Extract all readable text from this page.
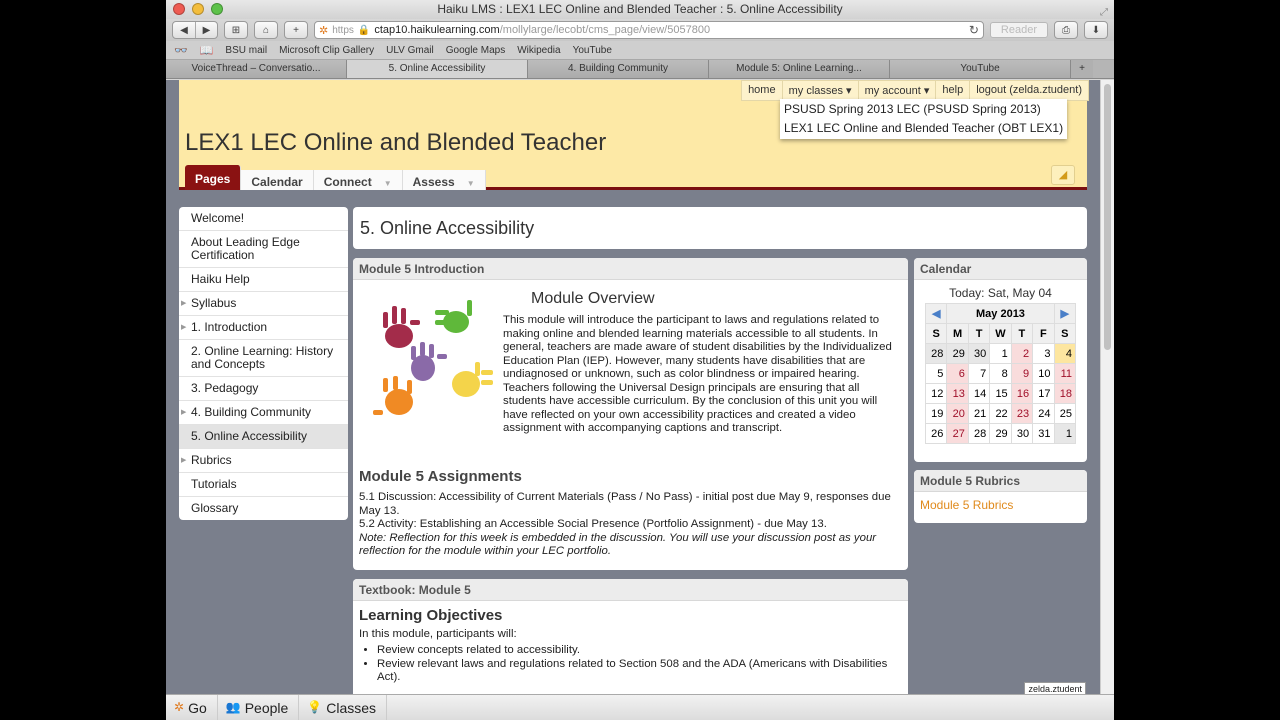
Haiku LMS : LEX1 LEC Online and Blended Teacher : 5. Online Accessibility	⤢
◀	▶	⊞	⌂	+	✲ https 🔒 ctap10.haikulearning.com /mollylarge/lecobt/cms_page/view/5057800	↻	Reader	⎙	⬇
👓 📖 BSU mail Microsoft Clip Gallery ULV Gmail Google Maps Wikipedia YouTube
VoiceThread – Conversatio...	5. Online Accessibility	4. Building Community	Module 5: Online Learning...	YouTube	+
home	my classes ▾	my account ▾	help	logout (zelda.ztudent)
LEX1 LEC Online and Blended Teacher
Pages	Calendar	Connect ▼	Assess ▼
◢
PSUSD Spring 2013 LEC (PSUSD Spring 2013)
LEX1 LEC Online and Blended Teacher (OBT LEX1)
Welcome!
About Leading Edge Certification
Haiku Help
▶ Syllabus
▶ 1. Introduction
2. Online Learning: History and Concepts
3. Pedagogy
▶ 4. Building Community
5. Online Accessibility
▶ Rubrics
Tutorials
Glossary
5. Online Accessibility
Module 5 Introduction
Module Overview
This module will introduce the participant to laws and regulations related to making online and blended learning materials accessible to all students. In general, teachers are made aware of student disabilities by the Individualized Education Plan (IEP). However, many students have disabilities that are undiagnosed or unknown, such as color blindness or impaired hearing. Teachers following the Universal Design principals are ensuring that all students have accessible curriculum. By the conclusion of this unit you will have reflected on your own accessibility practices and created a video assignment with accompanying captions and transcript.
Module 5 Assignments
5.1 Discussion: Accessibility of Current Materials (Pass / No Pass) - initial post due May 9, responses due May 13.
5.2 Activity: Establishing an Accessible Social Presence (Portfolio Assignment) - due May 13.
Note: Reflection for this week is embedded in the discussion. You will use your discussion post as your reflection for the module within your LEC portfolio.
Textbook: Module 5
Learning Objectives
In this module, participants will:
• Review concepts related to accessibility.
• Review relevant laws and regulations related to Section 508 and the ADA (Americans with Disabilities Act).
Calendar
Today: Sat, May 04
◀	May 2013					▶
S	M	T	W	T	F	S
28	29	30	1	2	3	4
5	6	7	8	9	10	11
12	13	14	15	16	17	18
19	20	21	22	23	24	25
26	27	28	29	30	31	1
Module 5 Rubrics
Module 5 Rubrics
zelda.ztudent
✲ Go 👥 People 💡 Classes
